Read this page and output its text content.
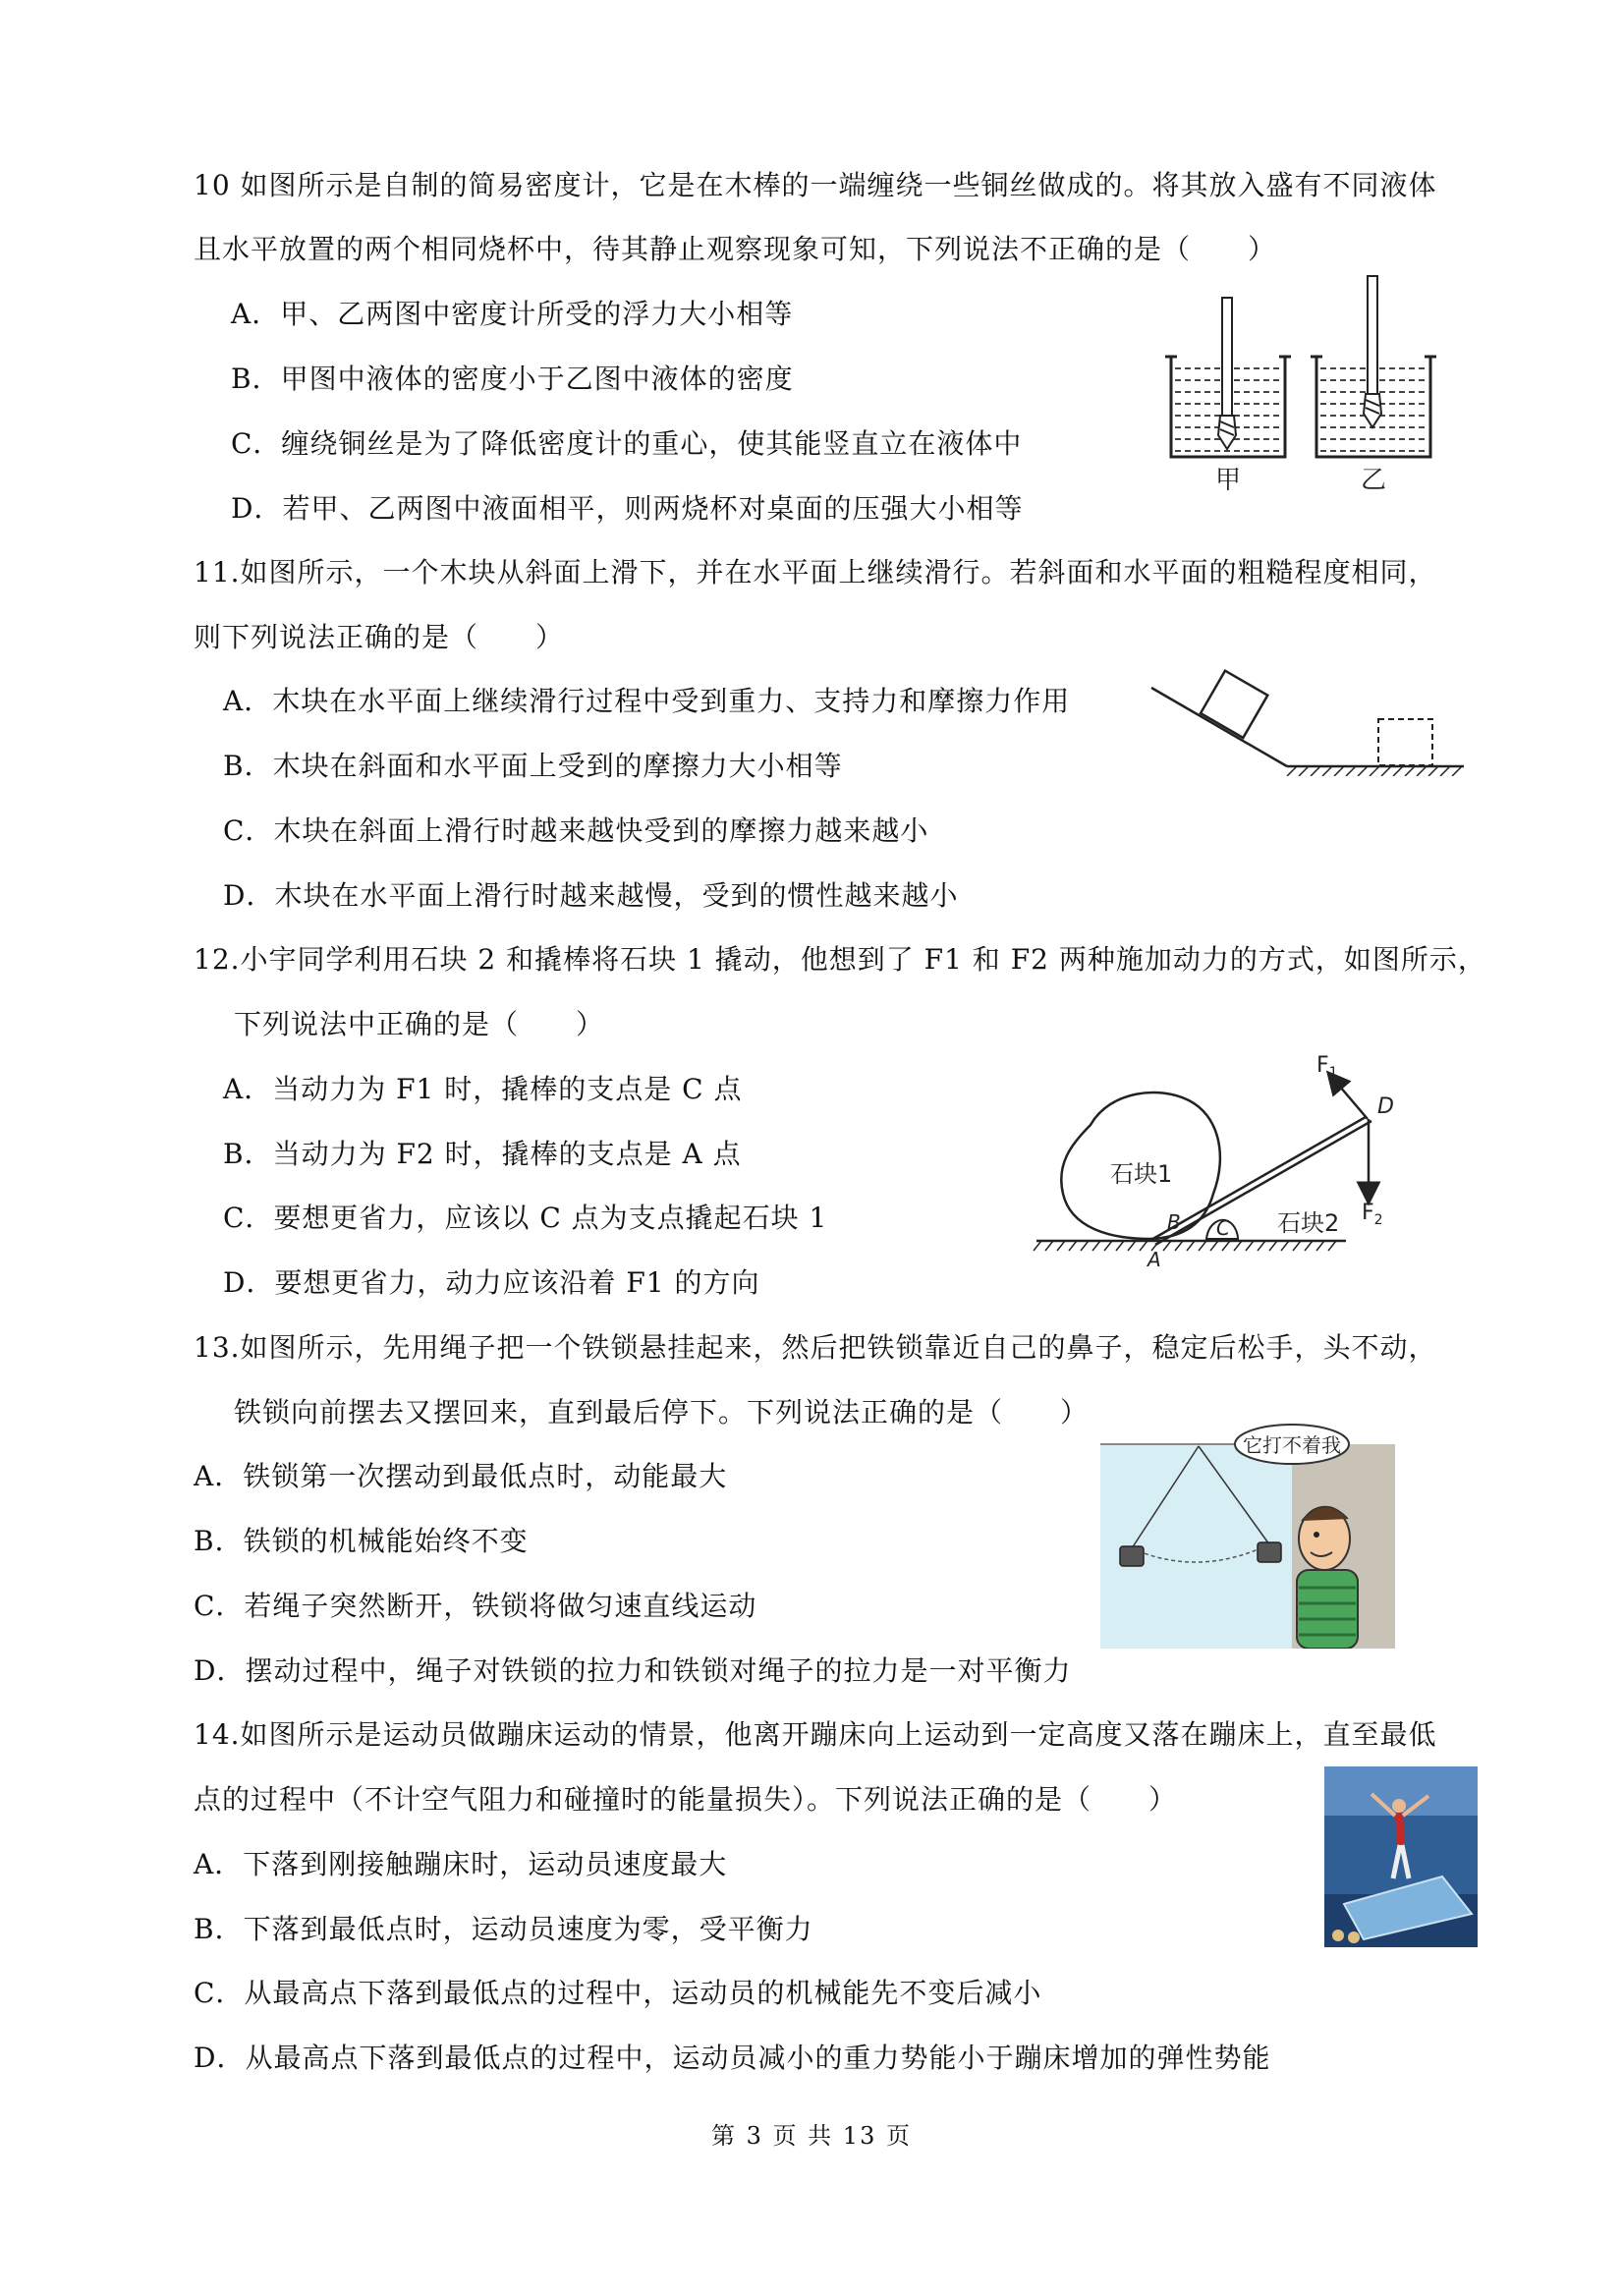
10 如图所示是自制的简易密度计，它是在木棒的一端缠绕一些铜丝做成的。将其放入盛有不同液体
且水平放置的两个相同烧杯中，待其静止观察现象可知，下列说法不正确的是（　　）
A．甲、乙两图中密度计所受的浮力大小相等
B．甲图中液体的密度小于乙图中液体的密度
C．缠绕铜丝是为了降低密度计的重心，使其能竖直立在液体中
D．若甲、乙两图中液面相平，则两烧杯对桌面的压强大小相等
甲	乙
11.如图所示，一个木块从斜面上滑下，并在水平面上继续滑行。若斜面和水平面的粗糙程度相同，
则下列说法正确的是（　　）
A．木块在水平面上继续滑行过程中受到重力、支持力和摩擦力作用
B．木块在斜面和水平面上受到的摩擦力大小相等
C．木块在斜面上滑行时越来越快受到的摩擦力越来越小
D．木块在水平面上滑行时越来越慢，受到的惯性越来越小
12.小宇同学利用石块 2 和撬棒将石块 1 撬动，他想到了 F1 和 F2 两种施加动力的方式，如图所示，
下列说法中正确的是（　　）
A．当动力为 F1 时，撬棒的支点是 C 点
B．当动力为 F2 时，撬棒的支点是 A 点
C．要想更省力，应该以 C 点为支点撬起石块 1
D．要想更省力，动力应该沿着 F1 的方向
石块1
石块2
A
B C
D
$F_1$
$F_2$
13.如图所示，先用绳子把一个铁锁悬挂起来，然后把铁锁靠近自己的鼻子，稳定后松手，头不动，
铁锁向前摆去又摆回来，直到最后停下。下列说法正确的是（　　）
A．铁锁第一次摆动到最低点时，动能最大
B．铁锁的机械能始终不变
C．若绳子突然断开，铁锁将做匀速直线运动
D．摆动过程中，绳子对铁锁的拉力和铁锁对绳子的拉力是一对平衡力
它打不着我
14.如图所示是运动员做蹦床运动的情景，他离开蹦床向上运动到一定高度又落在蹦床上，直至最低
点的过程中（不计空气阻力和碰撞时的能量损失）。下列说法正确的是（　　）
A．下落到刚接触蹦床时，运动员速度最大
B．下落到最低点时，运动员速度为零，受平衡力
C．从最高点下落到最低点的过程中，运动员的机械能先不变后减小
D．从最高点下落到最低点的过程中，运动员减小的重力势能小于蹦床增加的弹性势能
第 3 页 共 13 页
